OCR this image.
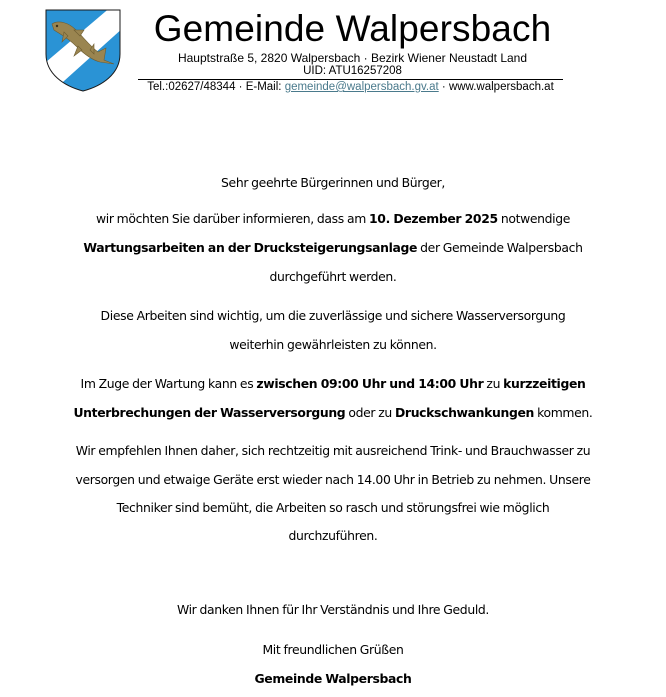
Gemeinde Walpersbach
Hauptstraße 5, 2820 Walpersbach · Bezirk Wiener Neustadt Land
UID: ATU16257208
Tel.:02627/48344 · E-Mail: gemeinde@walpersbach.gv.at · www.walpersbach.at
Sehr geehrte Bürgerinnen und Bürger,
wir möchten Sie darüber informieren, dass am 10. Dezember 2025 notwendige
Wartungsarbeiten an der Drucksteigerungsanlage der Gemeinde Walpersbach
durchgeführt werden.
Diese Arbeiten sind wichtig, um die zuverlässige und sichere Wasserversorgung
weiterhin gewährleisten zu können.
Im Zuge der Wartung kann es zwischen 09:00 Uhr und 14:00 Uhr zu kurzzeitigen
Unterbrechungen der Wasserversorgung oder zu Druckschwankungen kommen.
Wir empfehlen Ihnen daher, sich rechtzeitig mit ausreichend Trink- und Brauchwasser zu
versorgen und etwaige Geräte erst wieder nach 14.00 Uhr in Betrieb zu nehmen. Unsere
Techniker sind bemüht, die Arbeiten so rasch und störungsfrei wie möglich
durchzuführen.
Wir danken Ihnen für Ihr Verständnis und Ihre Geduld.
Mit freundlichen Grüßen
Gemeinde Walpersbach
